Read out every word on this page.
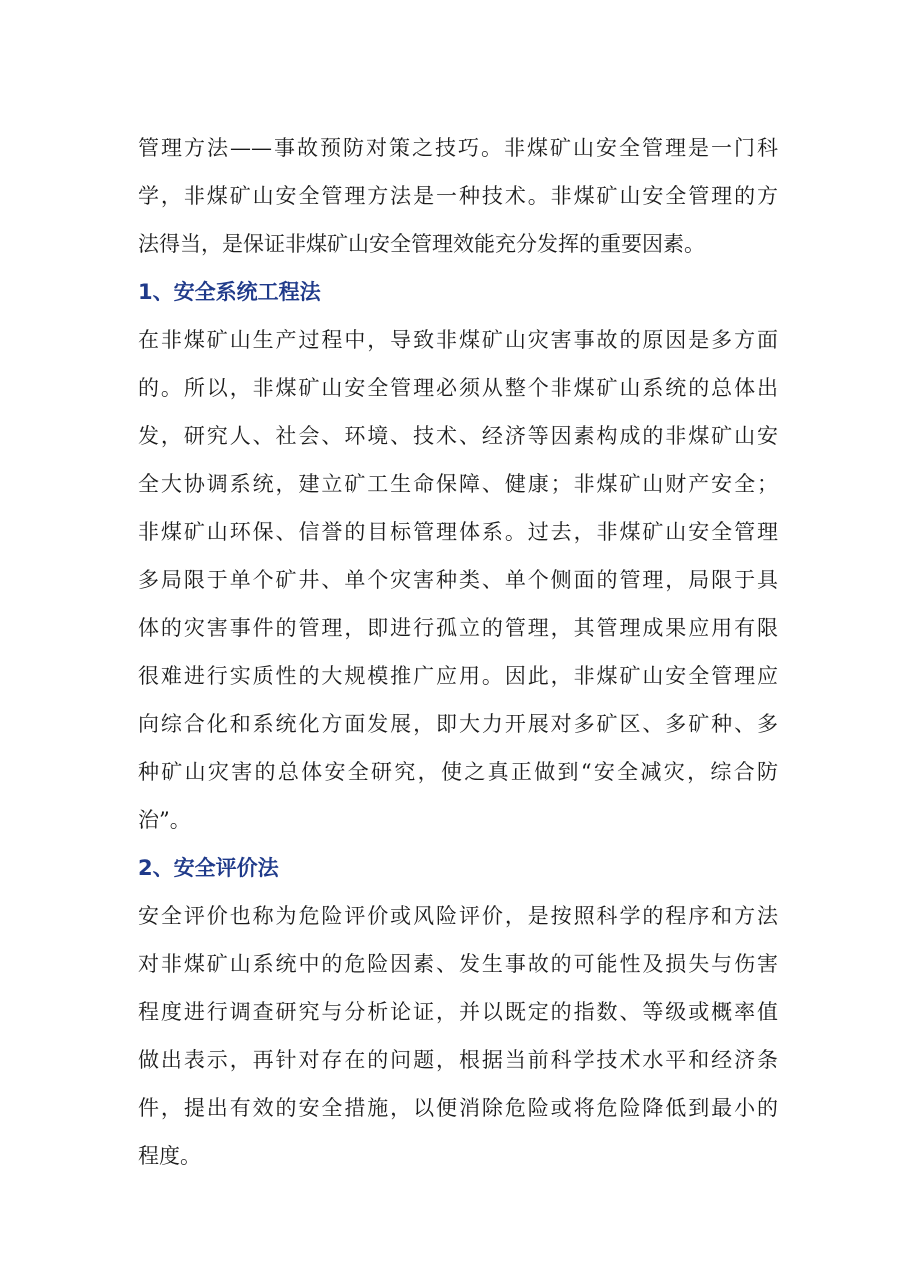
管理方法——事故预防对策之技巧。非煤矿山安全管理是一门科
学，非煤矿山安全管理方法是一种技术。非煤矿山安全管理的方
法得当，是保证非煤矿山安全管理效能充分发挥的重要因素。
1、安全系统工程法
在非煤矿山生产过程中，导致非煤矿山灾害事故的原因是多方面
的。所以，非煤矿山安全管理必须从整个非煤矿山系统的总体出
发，研究人、社会、环境、技术、经济等因素构成的非煤矿山安
全大协调系统，建立矿工生命保障、健康；非煤矿山财产安全；
非煤矿山环保、信誉的目标管理体系。过去，非煤矿山安全管理
多局限于单个矿井、单个灾害种类、单个侧面的管理，局限于具
体的灾害事件的管理，即进行孤立的管理，其管理成果应用有限
很难进行实质性的大规模推广应用。因此，非煤矿山安全管理应
向综合化和系统化方面发展，即大力开展对多矿区、多矿种、多
种矿山灾害的总体安全研究，使之真正做到“安全减灾，综合防
治”。
2、安全评价法
安全评价也称为危险评价或风险评价，是按照科学的程序和方法
对非煤矿山系统中的危险因素、发生事故的可能性及损失与伤害
程度进行调查研究与分析论证，并以既定的指数、等级或概率值
做出表示，再针对存在的问题，根据当前科学技术水平和经济条
件，提出有效的安全措施，以便消除危险或将危险降低到最小的
程度。
